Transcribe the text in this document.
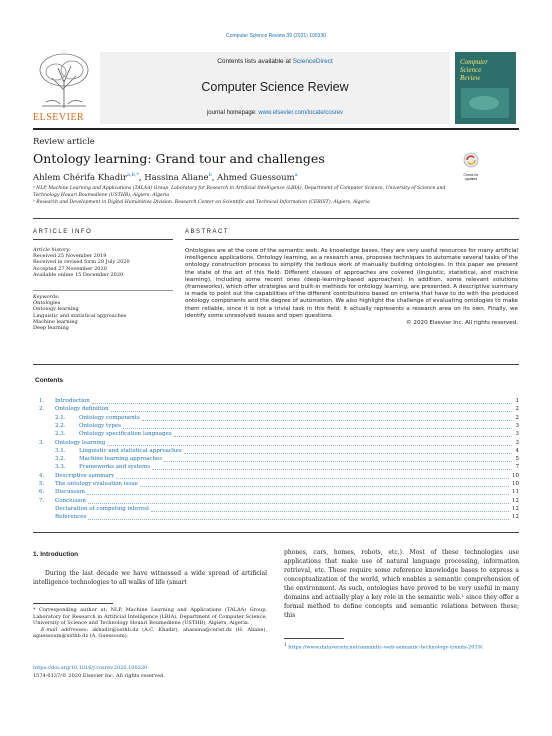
Computer Science Review 39 (2021) 100330
ELSEVIER
Contents lists available at ScienceDirect
Computer Science Review
journal homepage: www.elsevier.com/locate/cosrev
Computer
Science
Review
Review article
Ontology learning: Grand tour and challenges
Check for updates
Ahlem Chérifa Khadir$^{a,b,*}$, Hassina Aliane$^b$, Ahmed Guessoum$^a$
ᵃ NLP, Machine Learning and Applications (TALAA) Group, Laboratory for Research in Artificial Intelligence (LRIA), Department of Computer Science, University of Science and Technology Houari Boumediene (USTHB), Algiers, Algeria
ᵇ Research and Development in Digital Humanities Division, Research Center on Scientific and Technical Information (CERIST), Algiers, Algeria
ARTICLE INFO	ABSTRACT
Article history:
Received 25 November 2019
Received in revised form 28 July 2020
Accepted 27 November 2020
Available online 15 December 2020
Keywords:
Ontologies
Ontology learning
Linguistic and statistical approaches
Machine learning
Deep learning
Ontologies are at the core of the semantic web. As knowledge bases, they are very useful resources for many artificial intelligence applications. Ontology learning, as a research area, proposes techniques to automate several tasks of the ontology construction process to simplify the tedious work of manually building ontologies. In this paper we present the state of the art of this field. Different classes of approaches are covered (linguistic, statistical, and machine learning), including some recent ones (deep-learning-based approaches). In addition, some relevant solutions (frameworks), which offer strategies and built-in methods for ontology learning, are presented. A descriptive summary is made to point out the capabilities of the different contributions based on criteria that have to do with the produced ontology components and the degree of automation. We also highlight the challenge of evaluating ontologies to make them reliable, since it is not a trivial task in this field; it actually represents a research area on its own. Finally, we identify some unresolved issues and open questions.
© 2020 Elsevier Inc. All rights reserved.
Contents
1. Introduction	1
2. Ontology definition	2
2.1. Ontology components	2
2.2. Ontology types	3
2.3. Ontology specification languages	3
3. Ontology learning	3
3.1. Linguistic and statistical approaches	4
3.2. Machine learning approaches	5
3.3. Frameworks and systems	7
4. Descriptive summary	10
5. The ontology evaluation issue	10
6. Discussion	11
7. Conclusion	12
Declaration of competing interest	12
References	12
1. Introduction
During the last decade we have witnessed a wide spread of artificial intelligence technologies to all walks of life (smart
phones, cars, homes, robots, etc.). Most of these technologies use applications that make use of natural language processing, information retrieval, etc. These require some reference knowledge bases to express a conceptualization of the world, which enables a semantic comprehension of the environment. As such, ontologies have proved to be very useful in many domains and actually play a key role in the semantic web.¹ since they offer a formal method to define concepts and semantic relations between these; this
* Corresponding author at: NLP, Machine Learning and Applications (TALAA) Group, Laboratory for Research in Artificial Intelligence (LRIA), Department of Computer Science, University of Science and Technology Houari Boumediene (USTHB), Algiers, Algeria.
E-mail addresses: akhadir@usthb.dz (A.C. Khadir), ahassina@cerist.dz (H. Aliane), aguessoum@usthb.dz (A. Guessoum).
$^1$ https://www.dataversity.net/semantic-web-semantic-technology-trends-2019/.
https://doi.org/10.1016/j.cosrev.2020.100330
1574-0137/© 2020 Elsevier Inc. All rights reserved.
